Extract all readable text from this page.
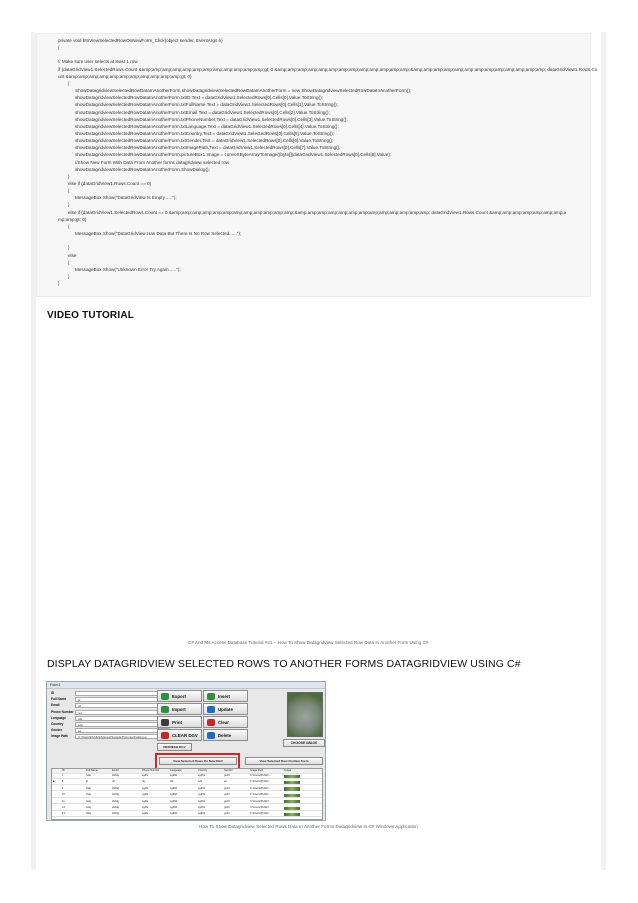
private void btnViewSelectedRowOnNewForm_Click(object sender, EventArgs e)
{
// Make sure user selects at least 1 row
if (dataGridView1.SelectedRows.Count &amp;amp;amp;amp;amp;amp;amp;amp;amp;amp;amp;amp;gt; 0 &amp;amp;amp;amp;amp;amp;amp;amp;amp;amp;amp;amp;amp;&amp;amp;amp;amp;amp;amp;amp;amp;amp;amp;amp;amp;amp; dataGridView1.Rows.Co
unt &amp;amp;amp;amp;amp;amp;amp;amp;amp;amp;amp;gt; 0)
{
ShowDatagridviewSelectedRowDataInAnotherForm showDatagridviewSelectedRowDataInAnotherForm = new ShowDatagridviewSelectedRowDataInAnotherForm();
showDatagridviewSelectedRowDataInAnotherForm.txtID.Text = dataGridView1.SelectedRows[0].Cells[0].Value.ToString();
showDatagridviewSelectedRowDataInAnotherForm.txtFullName.Text = dataGridView1.SelectedRows[0].Cells[1].Value.ToString();
showDatagridviewSelectedRowDataInAnotherForm.txtEmail.Text = dataGridView1.SelectedRows[0].Cells[2].Value.ToString();
showDatagridviewSelectedRowDataInAnotherForm.txtPhoneNumber.Text = dataGridView1.SelectedRows[0].Cells[3].Value.ToString();
showDatagridviewSelectedRowDataInAnotherForm.txtLanguage.Text = dataGridView1.SelectedRows[0].Cells[4].Value.ToString();
showDatagridviewSelectedRowDataInAnotherForm.txtCountry.Text = dataGridView1.SelectedRows[0].Cells[5].Value.ToString();
showDatagridviewSelectedRowDataInAnotherForm.txtGender.Text = dataGridView1.SelectedRows[0].Cells[6].Value.ToString();
showDatagridviewSelectedRowDataInAnotherForm.txtImagePath.Text = dataGridView1.SelectedRows[0].Cells[7].Value.ToString();
showDatagridviewSelectedRowDataInAnotherForm.pictureBox1.Image = convertByteArrayToImage((byte[])dataGridView1.SelectedRows[0].Cells[8].Value);
//Show New Form With Data From Another forms datagridview selected row
showDatagridviewSelectedRowDataInAnotherForm.ShowDialog();
}
else if (dataGridView1.Rows.Count == 0)
{
MessageBox.Show("DataGridView Is Empty......");
}
else if (dataGridView1.SelectedRows.Count == 0 &amp;amp;amp;amp;amp;amp;amp;amp;amp;amp;amp;amp;&amp;amp;amp;amp;amp;amp;amp;amp;amp;amp;amp;amp;amp; dataGridView1.Rows.Count &amp;amp;amp;amp;amp;amp;amp;a
mp;amp;gt; 0)
{
MessageBox.Show("DataGridView Has Data But There Is No Row Selected......");
}
else
{
MessageBox.Show("Unknown Error Try Again......");
}
}
VIDEO TUTORIAL
C# And Ms Access Database Tutorial #21 – How To Show Datagridview Selected Row Data In Another Form Using C#
DISPLAY DATAGRIDVIEW SELECTED ROWS TO ANOTHER FORMS DATAGRIDVIEW USING C#
Form1
ID
Full Name	jtr
Email	ull
Phone Number	rey
Language	efe
Country	ede
Gender	ee
Image Path	C:\Users\Public\Pictures\Sample Pictures\Koala.jpg
Export	Insert
Import	Update
Print	Clear
CLEAR DGV	Delete
CHOOSE IMAGE
REFRESH DGV
View Selected Rows On New DGV	View Selected Row On New Form
ID	Full Name	Email	Phone Number	Language	Country	Gender	Image Path	Image
7	hsky	sfsfdg	sgdfe	sgdfdt	sgdfru	gsrht	C:\Users\Public\...
▶	8	jtr	ull	rey	efe	ede	ee	C:\Users\Public\...
9	hsky	sfsfdg	sgdfe	sgdfdt	sgdfru	gsrht	C:\Users\Public\...
10	hsky	sfsfdg	sgdfe	sgdfdt	sgdfru	gsrht	C:\Users\Public\...
11	hsky	sfsfdg	sgdfe	sgdfdt	sgdfru	gsrht	C:\Users\Public\...
12	hsky	sfsfdg	sgdfe	sgdfdt	sgdfru	gsrht	C:\Users\Public\...
13	hsky	sfsfdg	sgdfe	sgdfdt	sgdfru	gsrht	C:\Users\Public\...
How To Show Datagridview Selected Rows Data In Another Forms Datagridview In C# Windows Application
